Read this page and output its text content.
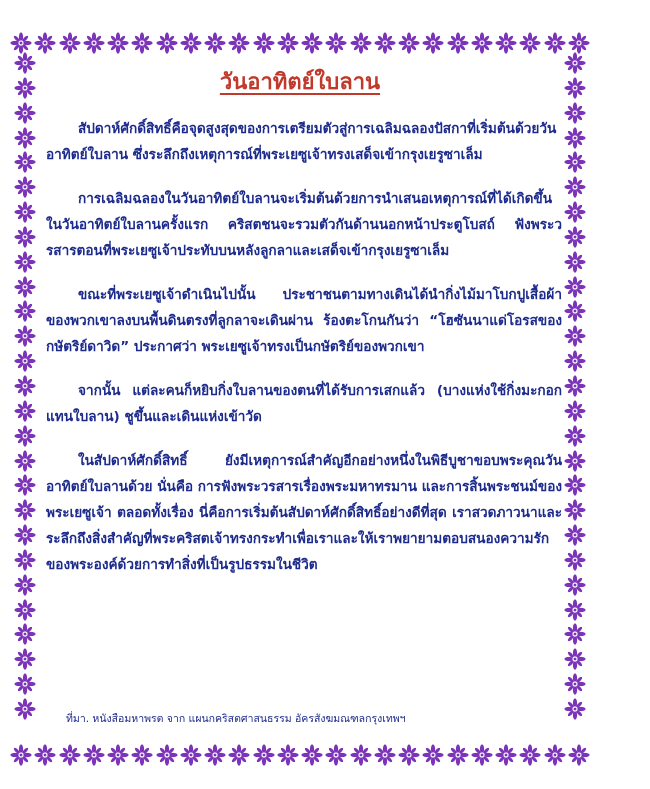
วันอาทิตย์ใบลาน

สัปดาห์ศักดิ์สิทธิ์คือจุดสูงสุดของการเตรียมตัวสู่การเฉลิมฉลองปัสกาที่เริ่มต้นด้วยวันอาทิตย์ใบลาน ซึ่งระลึกถึงเหตุการณ์ที่พระเยซูเจ้าทรงเสด็จเข้ากรุงเยรูซาเล็ม

การเฉลิมฉลองในวันอาทิตย์ใบลานจะเริ่มต้นด้วยการนำเสนอเหตุการณ์ที่ได้เกิดขึ้นในวันอาทิตย์ใบลานครั้งแรก คริสตชนจะรวมตัวกันด้านนอกหน้าประตูโบสถ์ ฟังพระวรสารตอนที่พระเยซูเจ้าประทับบนหลังลูกลาและเสด็จเข้ากรุงเยรูซาเล็ม

ขณะที่พระเยซูเจ้าดำเนินไปนั้น ประชาชนตามทางเดินได้นำกิ่งไม้มาโบกปูเสื้อผ้าของพวกเขาลงบนพื้นดินตรงที่ลูกลาจะเดินผ่าน ร้องตะโกนกันว่า “โฮซันนาแด่โอรสของกษัตริย์ดาวิด” ประกาศว่า พระเยซูเจ้าทรงเป็นกษัตริย์ของพวกเขา

จากนั้น แต่ละคนก็หยิบกิ่งใบลานของตนที่ได้รับการเสกแล้ว (บางแห่งใช้กิ่งมะกอกแทนใบลาน) ชูขึ้นและเดินแห่งเข้าวัด

ในสัปดาห์ศักดิ์สิทธิ์ ยังมีเหตุการณ์สำคัญอีกอย่างหนึ่งในพิธีบูชาขอบพระคุณวันอาทิตย์ใบลานด้วย นั่นคือ การฟังพระวรสารเรื่องพระมหาทรมาน และการสิ้นพระชนม์ของพระเยซูเจ้า ตลอดทั้งเรื่อง นี่คือการเริ่มต้นสัปดาห์ศักดิ์สิทธิ์อย่างดีที่สุด เราสวดภาวนาและระลึกถึงสิ่งสำคัญที่พระคริสตเจ้าทรงกระทำเพื่อเราและให้เราพยายามตอบสนองความรักของพระองค์ด้วยการทำสิ่งที่เป็นรูปธรรมในชีวิต

ที่มา. หนังสือมหาพรต จาก แผนกคริสตศาสนธรรม อัครสังฆมณฑลกรุงเทพฯ
